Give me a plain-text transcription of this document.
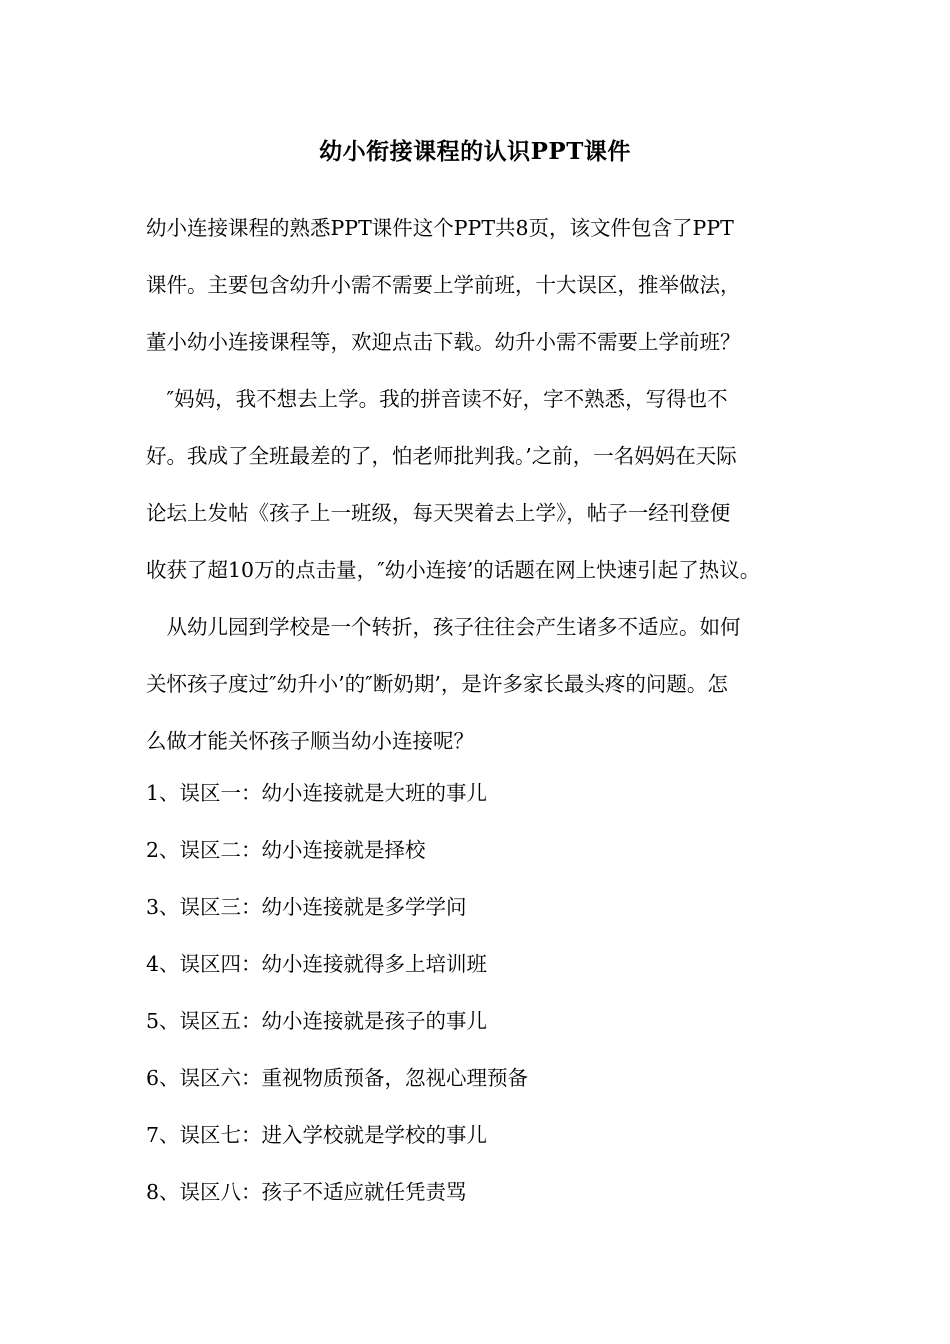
幼小衔接课程的认识PPT课件
幼小连接课程的熟悉PPT课件这个PPT共8页，该文件包含了PPT
课件。主要包含幼升小需不需要上学前班，十大误区，推举做法，
董小幼小连接课程等，欢迎点击下载。幼升小需不需要上学前班？
　″妈妈，我不想去上学。我的拼音读不好，字不熟悉，写得也不
好。我成了全班最差的了，怕老师批判我。’之前，一名妈妈在天际
论坛上发帖《孩子上一班级，每天哭着去上学》，帖子一经刊登便
收获了超10万的点击量，″幼小连接’的话题在网上快速引起了热议。
　从幼儿园到学校是一个转折，孩子往往会产生诸多不适应。如何
关怀孩子度过″幼升小’的″断奶期’，是许多家长最头疼的问题。怎
么做才能关怀孩子顺当幼小连接呢？
1、误区一：幼小连接就是大班的事儿
2、误区二：幼小连接就是择校
3、误区三：幼小连接就是多学学问
4、误区四：幼小连接就得多上培训班
5、误区五：幼小连接就是孩子的事儿
6、误区六：重视物质预备，忽视心理预备
7、误区七：进入学校就是学校的事儿
8、误区八：孩子不适应就任凭责骂
